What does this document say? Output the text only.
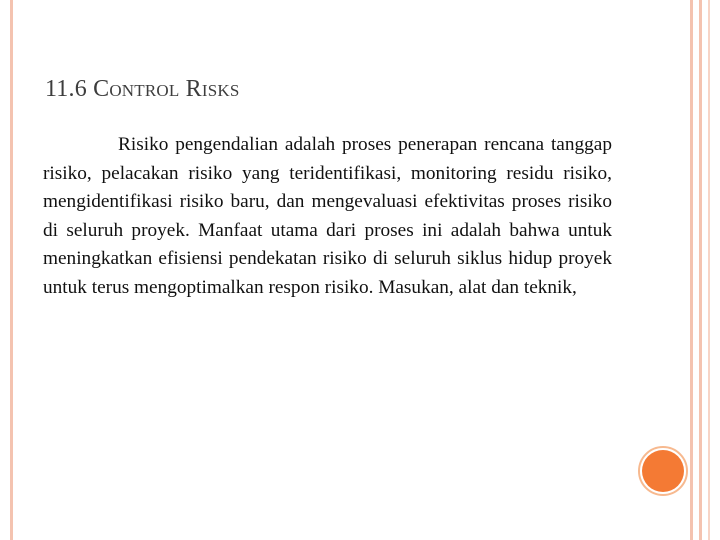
11.6 Control Risks
Risiko pengendalian adalah proses penerapan rencana tanggap risiko, pelacakan risiko yang teridentifikasi, monitoring residu risiko, mengidentifikasi risiko baru, dan mengevaluasi efektivitas proses risiko di seluruh proyek. Manfaat utama dari proses ini adalah bahwa untuk meningkatkan efisiensi pendekatan risiko di seluruh siklus hidup proyek untuk terus mengoptimalkan respon risiko. Masukan, alat dan teknik,
